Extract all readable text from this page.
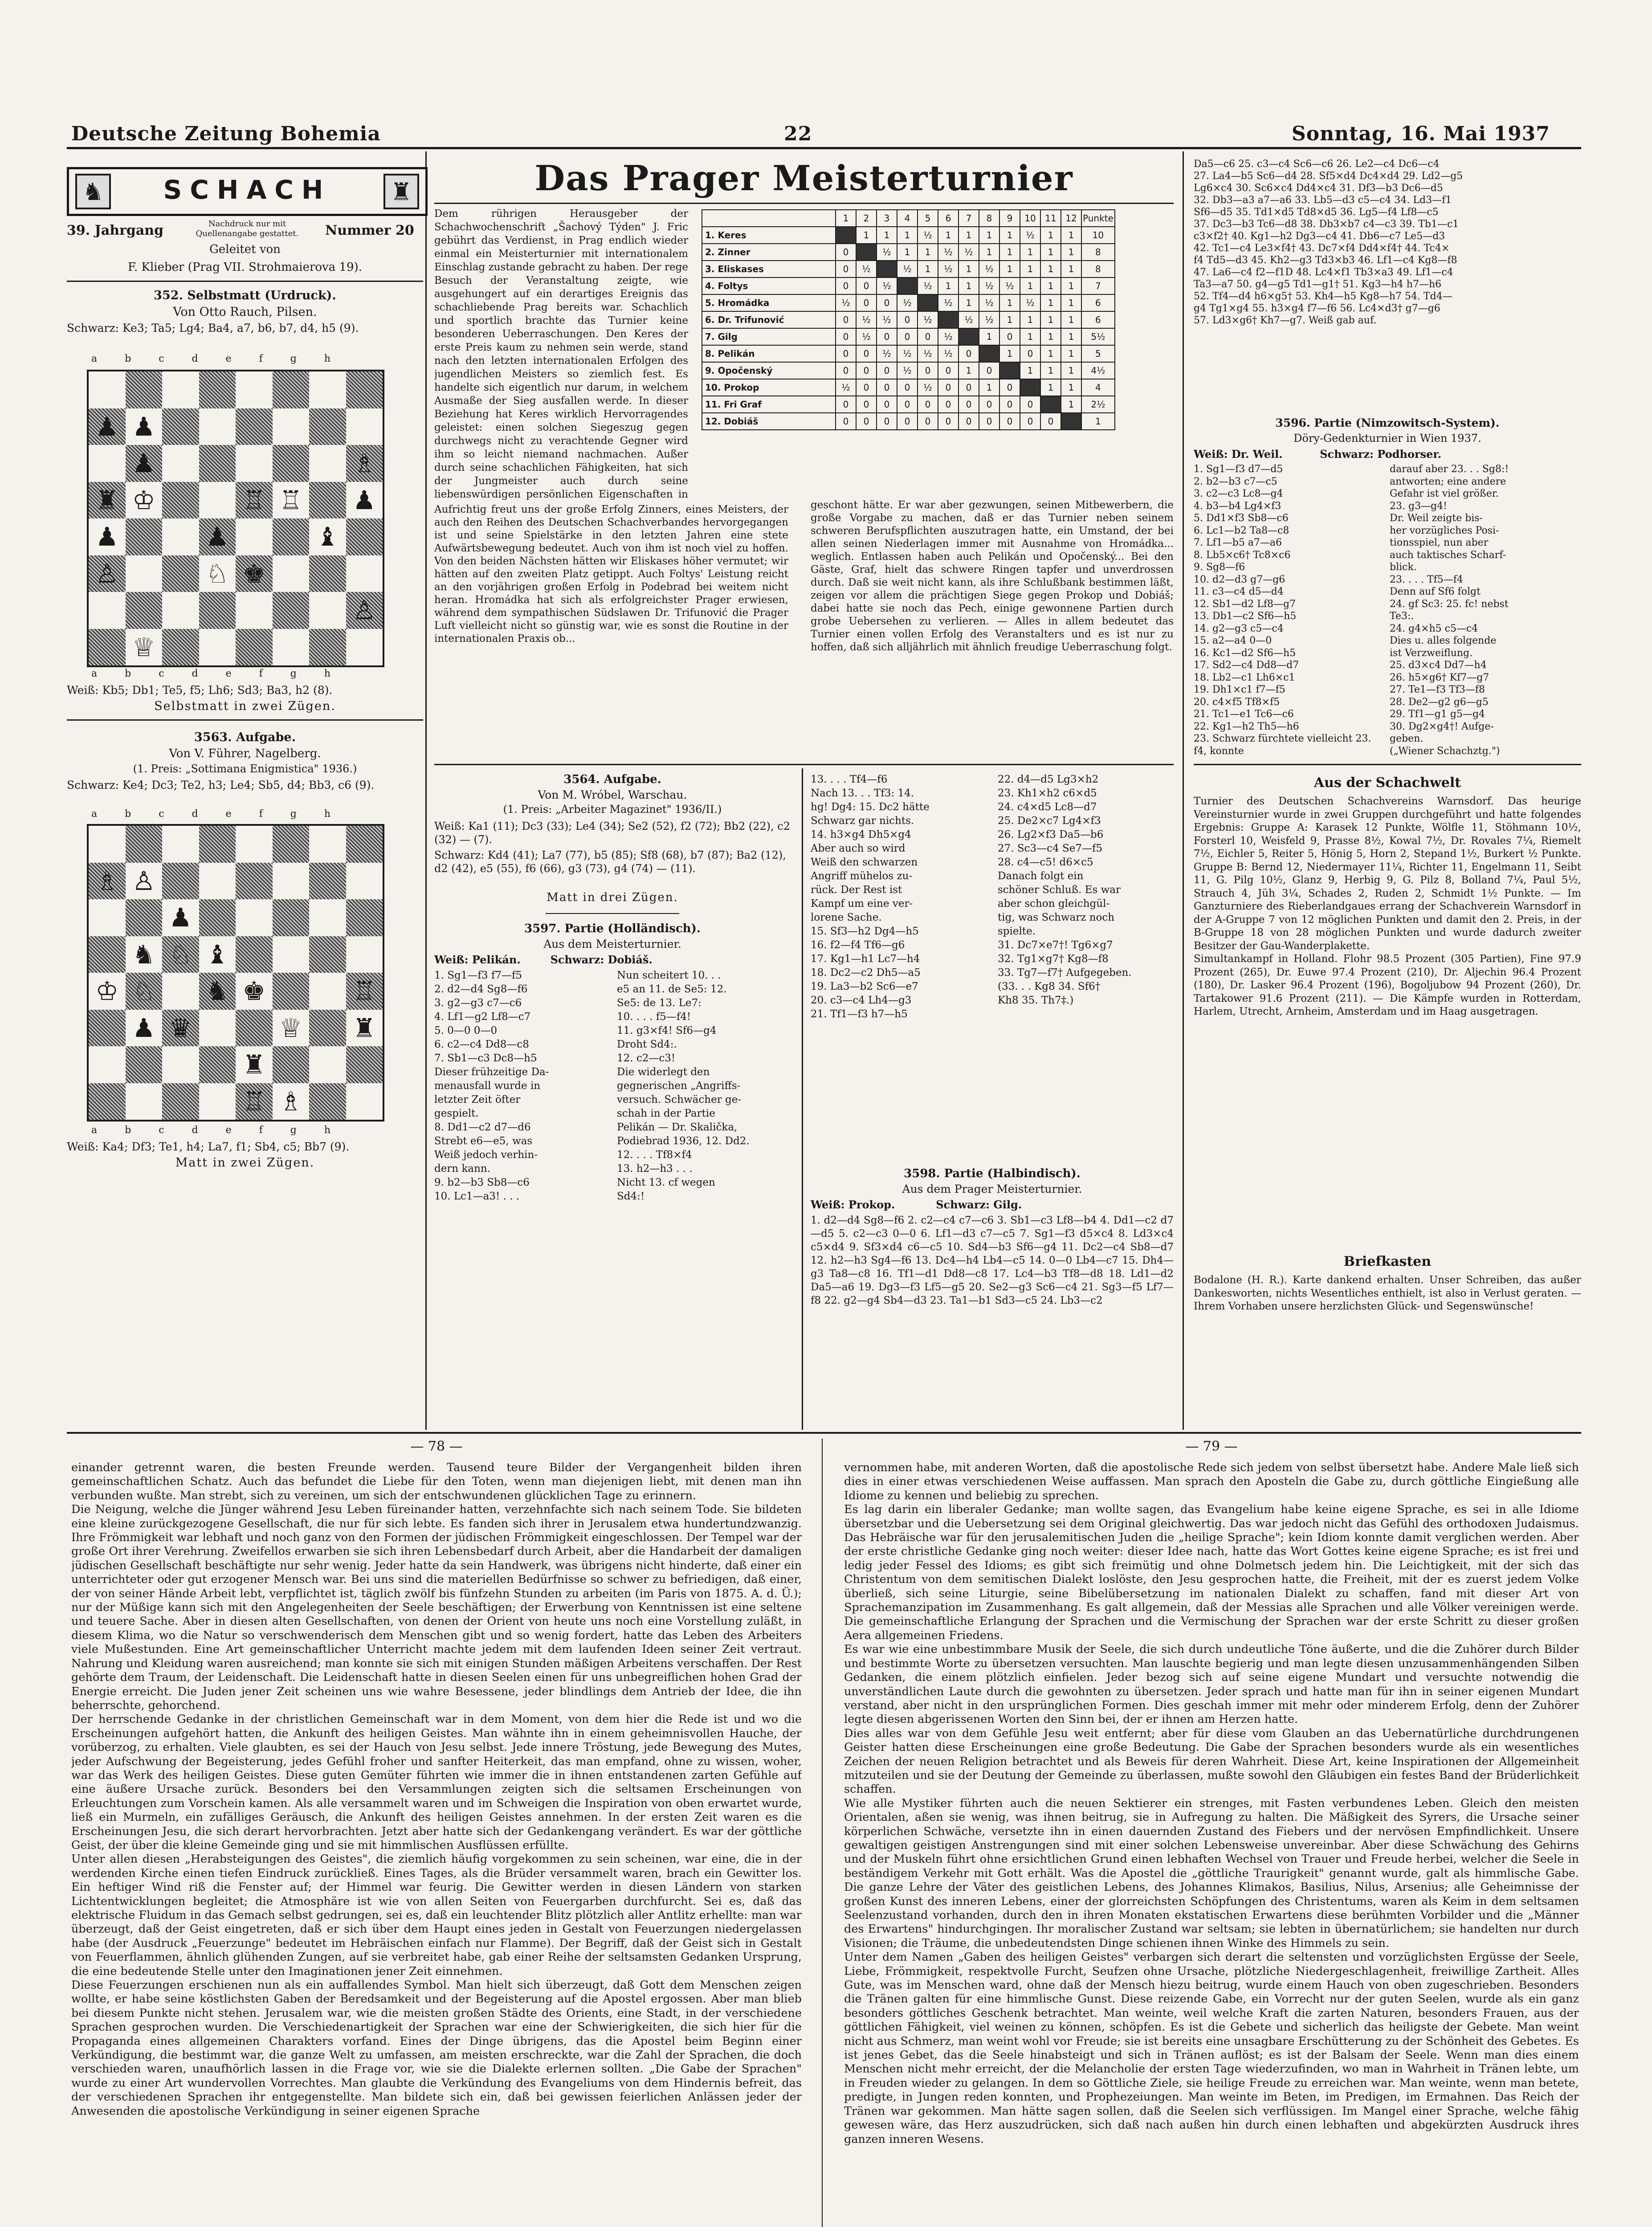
Deutsche Zeitung Bohemia	22	Sonntag, 16. Mai 1937
♞	SCHACH	♜
39. Jahrgang	Nachdruck nur mit Quellenangabe gestattet.	Nummer 20
Geleitet von
F. Klieber (Prag VII. Strohmaierova 19).
352. Selbstmatt (Urdruck).
Von Otto Rauch, Pilsen.
Schwarz: Ke3; Ta5; Lg4; Ba4, a7, b6, b7, d4, h5 (9).
abcdefgh
♟ ♟
♟	♗
♜ ♔	♖ ♖ ♟
♟	♟	♝
♙	♘ ♚
♙
♕
abcdefgh
Weiß: Kb5; Db1; Te5, f5; Lh6; Sd3; Ba3, h2 (8).
Selbstmatt in zwei Zügen.
3563. Aufgabe.
Von V. Führer, Nagelberg.
(1. Preis: „Sottimana Enigmistica" 1936.)
Schwarz: Ke4; Dc3; Te2, h3; Le4; Sb5, d4; Bb3, c6 (9).
abcdefgh
♗ ♙
♟
♞ ♘ ♝
♔ ♘ ♞ ♚	♖
♟ ♛	♕ ♜
♜
♖ ♗
abcdefgh
Weiß: Ka4; Df3; Te1, h4; La7, f1; Sb4, c5; Bb7 (9).
Matt in zwei Zügen.
Das Prager Meisterturnier
Dem rührigen Herausgeber der Schachwochenschrift „Šachový Týden" J. Fric gebührt das Verdienst, in Prag endlich wieder einmal ein Meisterturnier mit internationalem Einschlag zustande gebracht zu haben. Der rege Besuch der Veranstaltung zeigte, wie ausgehungert auf ein derartiges Ereignis das schachliebende Prag bereits war. Schachlich und sportlich brachte das Turnier keine besonderen Ueberraschungen. Den Keres der erste Preis kaum zu nehmen sein werde, stand nach den letzten internationalen Erfolgen des jugendlichen Meisters so ziemlich fest. Es handelte sich eigentlich nur darum, in welchem Ausmaße der Sieg ausfallen werde. In dieser Beziehung hat Keres wirklich Hervorragendes geleistet: einen solchen Siegeszug gegen durchwegs nicht zu verachtende Gegner wird ihm so leicht niemand nachmachen. Außer durch seine schachlichen Fähigkeiten, hat sich der Jungmeister auch durch seine liebenswürdigen persönlichen Eigenschaften in
	1	2	3	4	5	6	7	8	9	10	11	12	Punkte
1. Keres		1	1	1	½	1	1	1	1	½	1	1	10
2. Zinner	0		½	1	1	½	½	1	1	1	1	1	8
3. Eliskases	0	½		½	1	½	1	½	1	1	1	1	8
4. Foltys	0	0	½		½	1	1	½	½	1	1	1	7
5. Hromádka	½	0	0	½		½	1	½	1	½	1	1	6
6. Dr. Trifunović	0	½	½	0	½		½	½	1	1	1	1	6
7. Gilg	0	½	0	0	0	½		1	0	1	1	1	5½
8. Pelikán	0	0	½	½	½	½	0		1	0	1	1	5
9. Opočenský	0	0	0	½	0	0	1	0		1	1	1	4½
10. Prokop	½	0	0	0	½	0	0	1	0		1	1	4
11. Fri Graf	0	0	0	0	0	0	0	0	0	0		1	2½
12. Dobiáš	0	0	0	0	0	0	0	0	0	0	0		1
Aufrichtig freut uns der große Erfolg Zinners, eines Meisters, der auch den Reihen des Deutschen Schachverbandes hervorgegangen ist und seine Spielstärke in den letzten Jahren eine stete Aufwärtsbewegung bedeutet. Auch von ihm ist noch viel zu hoffen. Von den beiden Nächsten hätten wir Eliskases höher vermutet; wir hätten auf den zweiten Platz getippt. Auch Foltys' Leistung reicht an den vorjährigen großen Erfolg in Podebrad bei weitem nicht heran. Hromádka hat sich als erfolgreichster Prager erwiesen, während dem sympathischen Südslawen Dr. Trifunović die Prager Luft vielleicht nicht so günstig war, wie es sonst die Routine in der internationalen Praxis ob...
geschont hätte. Er war aber gezwungen, seinen Mitbewerbern, die große Vorgabe zu machen, daß er das Turnier neben seinem schweren Berufspflichten auszutragen hatte, ein Umstand, der bei allen seinen Niederlagen immer mit Ausnahme von Hromádka... weglich. Entlassen haben auch Pelikán und Opočenský... Bei den Gäste, Graf, hielt das schwere Ringen tapfer und unverdrossen durch. Daß sie weit nicht kann, als ihre Schlußbank bestimmen läßt, zeigen vor allem die prächtigen Siege gegen Prokop und Dobiáš; dabei hatte sie noch das Pech, einige gewonnene Partien durch grobe Uebersehen zu verlieren. — Alles in allem bedeutet das Turnier einen vollen Erfolg des Veranstalters und es ist nur zu hoffen, daß sich alljährlich mit ähnlich freudige Ueberraschung folgt.
Da5—c6 25. c3—c4 Sc6—c6 26. Le2—c4 Dc6—c4
27. La4—b5 Sc6—d4 28. Sf5×d4 Dc4×d4 29. Ld2—g5
Lg6×c4 30. Sc6×c4 Dd4×c4 31. Df3—b3 Dc6—d5
32. Db3—a3 a7—a6 33. Lb5—d3 c5—c4 34. Ld3—f1
Sf6—d5 35. Td1×d5 Td8×d5 36. Lg5—f4 Lf8—c5
37. Dc3—b3 Tc6—d8 38. Db3×b7 c4—c3 39. Tb1—c1
c3×f2† 40. Kg1—h2 Dg3—c4 41. Db6—c7 Le5—d3
42. Tc1—c4 Le3×f4† 43. Dc7×f4 Dd4×f4† 44. Tc4×
f4 Td5—d3 45. Kh2—g3 Td3×b3 46. Lf1—c4 Kg8—f8
47. La6—c4 f2—f1D 48. Lc4×f1 Tb3×a3 49. Lf1—c4
Ta3—a7 50. g4—g5 Td1—g1† 51. Kg3—h4 h7—h6
52. Tf4—d4 h6×g5† 53. Kh4—h5 Kg8—h7 54. Td4—
g4 Tg1×g4 55. h3×g4 f7—f6 56. Lc4×d3† g7—g6
57. Ld3×g6† Kh7—g7. Weiß gab auf.
3596. Partie (Nimzowitsch-System).
Döry-Gedenkturnier in Wien 1937.
Weiß: Dr. Weil.          Schwarz: Podhorser.
1. Sg1—f3 d7—d5
2. b2—b3 c7—c5
3. c2—c3 Lc8—g4
4. b3—b4 Lg4×f3
5. Dd1×f3 Sb8—c6
6. Lc1—b2 Ta8—c8
7. Lf1—b5 a7—a6
8. Lb5×c6† Tc8×c6
9. Sg8—f6
10. d2—d3 g7—g6
11. c3—c4 d5—d4
12. Sb1—d2 Lf8—g7
13. Db1—c2 Sf6—h5
14. g2—g3 c5—c4
15. a2—a4 0—0
16. Kc1—d2 Sf6—h5
17. Sd2—c4 Dd8—d7
18. Lb2—c1 Lh6×c1
19. Dh1×c1 f7—f5
20. c4×f5 Tf8×f5
21. Tc1—e1 Tc6—c6
22. Kg1—h2 Th5—h6
23. Schwarz fürchtete vielleicht 23. f4, konnte
darauf aber 23. . . Sg8:!
antworten; eine andere
Gefahr ist viel größer.
23. g3—g4!
Dr. Weil zeigte bis-
her vorzügliches Posi-
tionsspiel, nun aber
auch taktisches Scharf-
blick.
23. . . . Tf5—f4
Denn auf Sf6 folgt
24. gf Sc3: 25. fc! nebst
Te3:.
24. g4×h5 c5—c4
Dies u. alles folgende
ist Verzweiflung.
25. d3×c4 Dd7—h4
26. h5×g6† Kf7—g7
27. Te1—f3 Tf3—f8
28. De2—g2 g6—g5
29. Tf1—g1 g5—g4
30. Dg2×g4†! Aufge-
geben.
(„Wiener Schachztg.")
3564. Aufgabe.
Von M. Wróbel, Warschau.
(1. Preis: „Arbeiter Magazinet" 1936/II.)
Weiß: Ka1 (11); Dc3 (33); Le4 (34); Se2 (52), f2 (72); Bb2 (22), c2 (32) — (7).
Schwarz: Kd4 (41); La7 (77), b5 (85); Sf8 (68), b7 (87); Ba2 (12), d2 (42), e5 (55), f6 (66), g3 (73), g4 (74) — (11).
Matt in drei Zügen.
3597. Partie (Holländisch).
Aus dem Meisterturnier.
Weiß: Pelikán.        Schwarz: Dobiáš.
1. Sg1—f3 f7—f5
2. d2—d4 Sg8—f6
3. g2—g3 c7—c6
4. Lf1—g2 Lf8—c7
5. 0—0 0—0
6. c2—c4 Dd8—c8
7. Sb1—c3 Dc8—h5
Dieser frühzeitige Da-
menausfall wurde in
letzter Zeit öfter
gespielt.
8. Dd1—c2 d7—d6
Strebt e6—e5, was
Weiß jedoch verhin-
dern kann.
9. b2—b3 Sb8—c6
10. Lc1—a3! . . .
Nun scheitert 10. . .
e5 an 11. de Se5: 12.
Se5: de 13. Le7:
10. . . . f5—f4!
11. g3×f4! Sf6—g4
Droht Sd4:.
12. c2—c3!
Die widerlegt den
gegnerischen „Angriffs-
versuch. Schwächer ge-
schah in der Partie
Pelikán — Dr. Skalička,
Podiebrad 1936, 12. Dd2.
12. . . . Tf8×f4
13. h2—h3 . . .
Nicht 13. cf wegen
Sd4:!
13. . . . Tf4—f6
Nach 13. . . Tf3: 14.
hg! Dg4: 15. Dc2 hätte
Schwarz gar nichts.
14. h3×g4 Dh5×g4
Aber auch so wird
Weiß den schwarzen
Angriff mühelos zu-
rück. Der Rest ist
Kampf um eine ver-
lorene Sache.
15. Sf3—h2 Dg4—h5
16. f2—f4 Tf6—g6
17. Kg1—h1 Lc7—h4
18. Dc2—c2 Dh5—a5
19. La3—b2 Sc6—e7
20. c3—c4 Lh4—g3
21. Tf1—f3 h7—h5
22. d4—d5 Lg3×h2
23. Kh1×h2 c6×d5
24. c4×d5 Lc8—d7
25. De2×c7 Lg4×f3
26. Lg2×f3 Da5—b6
27. Sc3—c4 Se7—f5
28. c4—c5! d6×c5
Danach folgt ein
schöner Schluß. Es war
aber schon gleichgül-
tig, was Schwarz noch
spielte.
31. Dc7×e7†! Tg6×g7
32. Tg1×g7† Kg8—f8
33. Tg7—f7† Aufgegeben.
(33. . . Kg8 34. Sf6†
Kh8 35. Th7‡.)
3598. Partie (Halbindisch).
Aus dem Prager Meisterturnier.
Weiß: Prokop.           Schwarz: Gilg.
1. d2—d4 Sg8—f6 2. c2—c4 c7—c6 3. Sb1—c3 Lf8—b4 4. Dd1—c2 d7—d5 5. c2—c3 0—0 6. Lf1—d3 c7—c5 7. Sg1—f3 d5×c4 8. Ld3×c4 c5×d4 9. Sf3×d4 c6—c5 10. Sd4—b3 Sf6—g4 11. Dc2—c4 Sb8—d7 12. h2—h3 Sg4—f6 13. Dc4—h4 Lb4—c5 14. 0—0 Lb4—c7 15. Dh4—g3 Ta8—c8 16. Tf1—d1 Dd8—c8 17. Lc4—b3 Tf8—d8 18. Ld1—d2 Da5—a6 19. Dg3—f3 Lf5—g5 20. Se2—g3 Sc6—c4 21. Sg3—f5 Lf7—f8 22. g2—g4 Sb4—d3 23. Ta1—b1 Sd3—c5 24. Lb3—c2
Aus der Schachwelt
Turnier des Deutschen Schachvereins Warnsdorf. Das heurige Vereinsturnier wurde in zwei Gruppen durchgeführt und hatte folgendes Ergebnis: Gruppe A: Karasek 12 Punkte, Wölfle 11, Stöhmann 10½, Forsterl 10, Weisfeld 9, Prasse 8½, Kowal 7½, Dr. Rovales 7¼, Riemelt 7½, Eichler 5, Reiter 5, Hönig 5, Horn 2, Stepand 1½, Burkert ½ Punkte. Gruppe B: Bernd 12, Niedermayer 11¼, Richter 11, Engelmann 11, Seibt 11, G. Pilg 10½, Glanz 9, Herbig 9, G. Pilz 8, Bolland 7¼, Paul 5½, Strauch 4, Jüh 3¼, Schades 2, Ruden 2, Schmidt 1½ Punkte. — Im Ganzturniere des Rieberlandgaues errang der Schachverein Warnsdorf in der A-Gruppe 7 von 12 möglichen Punkten und damit den 2. Preis, in der B-Gruppe 18 von 28 möglichen Punkten und wurde dadurch zweiter Besitzer der Gau-Wanderplakette.
Simultankampf in Holland. Flohr 98.5 Prozent (305 Partien), Fine 97.9 Prozent (265), Dr. Euwe 97.4 Prozent (210), Dr. Aljechin 96.4 Prozent (180), Dr. Lasker 96.4 Prozent (196), Bogoljubow 94 Prozent (260), Dr. Tartakower 91.6 Prozent (211). — Die Kämpfe wurden in Rotterdam, Harlem, Utrecht, Arnheim, Amsterdam und im Haag ausgetragen.
Briefkasten
Bodalone (H. R.). Karte dankend erhalten. Unser Schreiben, das außer Dankesworten, nichts Wesentliches enthielt, ist also in Verlust geraten. — Ihrem Vorhaben unsere herzlichsten Glück- und Segenswünsche!
— 78 —	— 79 —
einander getrennt waren, die besten Freunde werden. Tausend teure Bilder der Vergangenheit bilden ihren gemeinschaftlichen Schatz. Auch das befundet die Liebe für den Toten, wenn man diejenigen liebt, mit denen man ihn verbunden wußte. Man strebt, sich zu vereinen, um sich der entschwundenen glücklichen Tage zu erinnern.
Die Neigung, welche die Jünger während Jesu Leben füreinander hatten, verzehnfachte sich nach seinem Tode. Sie bildeten eine kleine zurückgezogene Gesellschaft, die nur für sich lebte. Es fanden sich ihrer in Jerusalem etwa hundertundzwanzig. Ihre Frömmigkeit war lebhaft und noch ganz von den Formen der jüdischen Frömmigkeit eingeschlossen. Der Tempel war der große Ort ihrer Verehrung. Zweifellos erwarben sie sich ihren Lebensbedarf durch Arbeit, aber die Handarbeit der damaligen jüdischen Gesellschaft beschäftigte nur sehr wenig. Jeder hatte da sein Handwerk, was übrigens nicht hinderte, daß einer ein unterrichteter oder gut erzogener Mensch war. Bei uns sind die materiellen Bedürfnisse so schwer zu befriedigen, daß einer, der von seiner Hände Arbeit lebt, verpflichtet ist, täglich zwölf bis fünfzehn Stunden zu arbeiten (im Paris von 1875. A. d. Ü.); nur der Müßige kann sich mit den Angelegenheiten der Seele beschäftigen; der Erwerbung von Kenntnissen ist eine seltene und teuere Sache. Aber in diesen alten Gesellschaften, von denen der Orient von heute uns noch eine Vorstellung zuläßt, in diesem Klima, wo die Natur so verschwenderisch dem Menschen gibt und so wenig fordert, hatte das Leben des Arbeiters viele Mußestunden. Eine Art gemeinschaftlicher Unterricht machte jedem mit dem laufenden Ideen seiner Zeit vertraut. Nahrung und Kleidung waren ausreichend; man konnte sie sich mit einigen Stunden mäßigen Arbeitens verschaffen. Der Rest gehörte dem Traum, der Leidenschaft. Die Leidenschaft hatte in diesen Seelen einen für uns unbegreiflichen hohen Grad der Energie erreicht. Die Juden jener Zeit scheinen uns wie wahre Besessene, jeder blindlings dem Antrieb der Idee, die ihn beherrschte, gehorchend.
Der herrschende Gedanke in der christlichen Gemeinschaft war in dem Moment, von dem hier die Rede ist und wo die Erscheinungen aufgehört hatten, die Ankunft des heiligen Geistes. Man wähnte ihn in einem geheimnisvollen Hauche, der vorüberzog, zu erhalten. Viele glaubten, es sei der Hauch von Jesu selbst. Jede innere Tröstung, jede Bewegung des Mutes, jeder Aufschwung der Begeisterung, jedes Gefühl froher und sanfter Heiterkeit, das man empfand, ohne zu wissen, woher, war das Werk des heiligen Geistes. Diese guten Gemüter führten wie immer die in ihnen entstandenen zarten Gefühle auf eine äußere Ursache zurück. Besonders bei den Versammlungen zeigten sich die seltsamen Erscheinungen von Erleuchtungen zum Vorschein kamen. Als alle versammelt waren und im Schweigen die Inspiration von oben erwartet wurde, ließ ein Murmeln, ein zufälliges Geräusch, die Ankunft des heiligen Geistes annehmen. In der ersten Zeit waren es die Erscheinungen Jesu, die sich derart hervorbrachten. Jetzt aber hatte sich der Gedankengang verändert. Es war der göttliche Geist, der über die kleine Gemeinde ging und sie mit himmlischen Ausflüssen erfüllte.
Unter allen diesen „Herabsteigungen des Geistes", die ziemlich häufig vorgekommen zu sein scheinen, war eine, die in der werdenden Kirche einen tiefen Eindruck zurückließ. Eines Tages, als die Brüder versammelt waren, brach ein Gewitter los. Ein heftiger Wind riß die Fenster auf; der Himmel war feurig. Die Gewitter werden in diesen Ländern von starken Lichtentwicklungen begleitet; die Atmosphäre ist wie von allen Seiten von Feuergarben durchfurcht. Sei es, daß das elektrische Fluidum in das Gemach selbst gedrungen, sei es, daß ein leuchtender Blitz plötzlich aller Antlitz erhellte: man war überzeugt, daß der Geist eingetreten, daß er sich über dem Haupt eines jeden in Gestalt von Feuerzungen niedergelassen habe (der Ausdruck „Feuerzunge" bedeutet im Hebräischen einfach nur Flamme). Der Begriff, daß der Geist sich in Gestalt von Feuerflammen, ähnlich glühenden Zungen, auf sie verbreitet habe, gab einer Reihe der seltsamsten Gedanken Ursprung, die eine bedeutende Stelle unter den Imaginationen jener Zeit einnehmen.
Diese Feuerzungen erschienen nun als ein auffallendes Symbol. Man hielt sich überzeugt, daß Gott dem Menschen zeigen wollte, er habe seine köstlichsten Gaben der Beredsamkeit und der Begeisterung auf die Apostel ergossen. Aber man blieb bei diesem Punkte nicht stehen. Jerusalem war, wie die meisten großen Städte des Orients, eine Stadt, in der verschiedene Sprachen gesprochen wurden. Die Verschiedenartigkeit der Sprachen war eine der Schwierigkeiten, die sich hier für die Propaganda eines allgemeinen Charakters vorfand. Eines der Dinge übrigens, das die Apostel beim Beginn einer Verkündigung, die bestimmt war, die ganze Welt zu umfassen, am meisten erschreckte, war die Zahl der Sprachen, die doch verschieden waren, unaufhörlich lassen in die Frage vor, wie sie die Dialekte erlernen sollten. „Die Gabe der Sprachen" wurde zu einer Art wundervollen Vorrechtes. Man glaubte die Verkündung des Evangeliums von dem Hindernis befreit, das der verschiedenen Sprachen ihr entgegenstellte. Man bildete sich ein, daß bei gewissen feierlichen Anlässen jeder der Anwesenden die apostolische Verkündigung in seiner eigenen Sprache
vernommen habe, mit anderen Worten, daß die apostolische Rede sich jedem von selbst übersetzt habe. Andere Male ließ sich dies in einer etwas verschiedenen Weise auffassen. Man sprach den Aposteln die Gabe zu, durch göttliche Eingießung alle Idiome zu kennen und beliebig zu sprechen.
Es lag darin ein liberaler Gedanke; man wollte sagen, das Evangelium habe keine eigene Sprache, es sei in alle Idiome übersetzbar und die Uebersetzung sei dem Original gleichwertig. Das war jedoch nicht das Gefühl des orthodoxen Judaismus. Das Hebräische war für den jerusalemitischen Juden die „heilige Sprache"; kein Idiom konnte damit verglichen werden. Aber der erste christliche Gedanke ging noch weiter: dieser Idee nach, hatte das Wort Gottes keine eigene Sprache; es ist frei und ledig jeder Fessel des Idioms; es gibt sich freimütig und ohne Dolmetsch jedem hin. Die Leichtigkeit, mit der sich das Christentum von dem semitischen Dialekt loslöste, den Jesu gesprochen hatte, die Freiheit, mit der es zuerst jedem Volke überließ, sich seine Liturgie, seine Bibelübersetzung im nationalen Dialekt zu schaffen, fand mit dieser Art von Sprachemanzipation im Zusammenhang. Es galt allgemein, daß der Messias alle Sprachen und alle Völker vereinigen werde. Die gemeinschaftliche Erlangung der Sprachen und die Vermischung der Sprachen war der erste Schritt zu dieser großen Aera allgemeinen Friedens.
Es war wie eine unbestimmbare Musik der Seele, die sich durch undeutliche Töne äußerte, und die die Zuhörer durch Bilder und bestimmte Worte zu übersetzen versuchten. Man lauschte begierig und man legte diesen unzusammenhängenden Silben Gedanken, die einem plötzlich einfielen. Jeder bezog sich auf seine eigene Mundart und versuchte notwendig die unverständlichen Laute durch die gewohnten zu übersetzen. Jeder sprach und hatte man für ihn in seiner eigenen Mundart verstand, aber nicht in den ursprünglichen Formen. Dies geschah immer mit mehr oder minderem Erfolg, denn der Zuhörer legte diesen abgerissenen Worten den Sinn bei, der er ihnen am Herzen hatte.
Dies alles war von dem Gefühle Jesu weit entfernt; aber für diese vom Glauben an das Uebernatürliche durchdrungenen Geister hatten diese Erscheinungen eine große Bedeutung. Die Gabe der Sprachen besonders wurde als ein wesentliches Zeichen der neuen Religion betrachtet und als Beweis für deren Wahrheit. Diese Art, keine Inspirationen der Allgemeinheit mitzuteilen und sie der Deutung der Gemeinde zu überlassen, mußte sowohl den Gläubigen ein festes Band der Brüderlichkeit schaffen.
Wie alle Mystiker führten auch die neuen Sektierer ein strenges, mit Fasten verbundenes Leben. Gleich den meisten Orientalen, aßen sie wenig, was ihnen beitrug, sie in Aufregung zu halten. Die Mäßigkeit des Syrers, die Ursache seiner körperlichen Schwäche, versetzte ihn in einen dauernden Zustand des Fiebers und der nervösen Empfindlichkeit. Unsere gewaltigen geistigen Anstrengungen sind mit einer solchen Lebensweise unvereinbar. Aber diese Schwächung des Gehirns und der Muskeln führt ohne ersichtlichen Grund einen lebhaften Wechsel von Trauer und Freude herbei, welcher die Seele in beständigem Verkehr mit Gott erhält. Was die Apostel die „göttliche Traurigkeit" genannt wurde, galt als himmlische Gabe. Die ganze Lehre der Väter des geistlichen Lebens, des Johannes Klimakos, Basilius, Nilus, Arsenius; alle Geheimnisse der großen Kunst des inneren Lebens, einer der glorreichsten Schöpfungen des Christentums, waren als Keim in dem seltsamen Seelenzustand vorhanden, durch den in ihren Monaten ekstatischen Erwartens diese berühmten Vorbilder und die „Männer des Erwartens" hindurchgingen. Ihr moralischer Zustand war seltsam; sie lebten in übernatürlichem; sie handelten nur durch Visionen; die Träume, die unbedeutendsten Dinge schienen ihnen Winke des Himmels zu sein.
Unter dem Namen „Gaben des heiligen Geistes" verbargen sich derart die seltensten und vorzüglichsten Ergüsse der Seele, Liebe, Frömmigkeit, respektvolle Furcht, Seufzen ohne Ursache, plötzliche Niedergeschlagenheit, freiwillige Zartheit. Alles Gute, was im Menschen ward, ohne daß der Mensch hiezu beitrug, wurde einem Hauch von oben zugeschrieben. Besonders die Tränen galten für eine himmlische Gunst. Diese reizende Gabe, ein Vorrecht nur der guten Seelen, wurde als ein ganz besonders göttliches Geschenk betrachtet. Man weinte, weil welche Kraft die zarten Naturen, besonders Frauen, aus der göttlichen Fähigkeit, viel weinen zu können, schöpfen. Es ist die Gebete und sicherlich das heiligste der Gebete. Man weint nicht aus Schmerz, man weint wohl vor Freude; sie ist bereits eine unsagbare Erschütterung zu der Schönheit des Gebetes. Es ist jenes Gebet, das die Seele hinabsteigt und sich in Tränen auflöst; es ist der Balsam der Seele. Wenn man dies einem Menschen nicht mehr erreicht, der die Melancholie der ersten Tage wiederzufinden, wo man in Wahrheit in Tränen lebte, um in Freuden wieder zu gelangen. In dem so Göttliche Ziele, sie heilige Freude zu erreichen war. Man weinte, wenn man betete, predigte, in Jungen reden konnten, und Prophezeiungen. Man weinte im Beten, im Predigen, im Ermahnen. Das Reich der Tränen war gekommen. Man hätte sagen sollen, daß die Seelen sich verflüssigen. Im Mangel einer Sprache, welche fähig gewesen wäre, das Herz auszudrücken, sich daß nach außen hin durch einen lebhaften und abgekürzten Ausdruck ihres ganzen inneren Wesens.
